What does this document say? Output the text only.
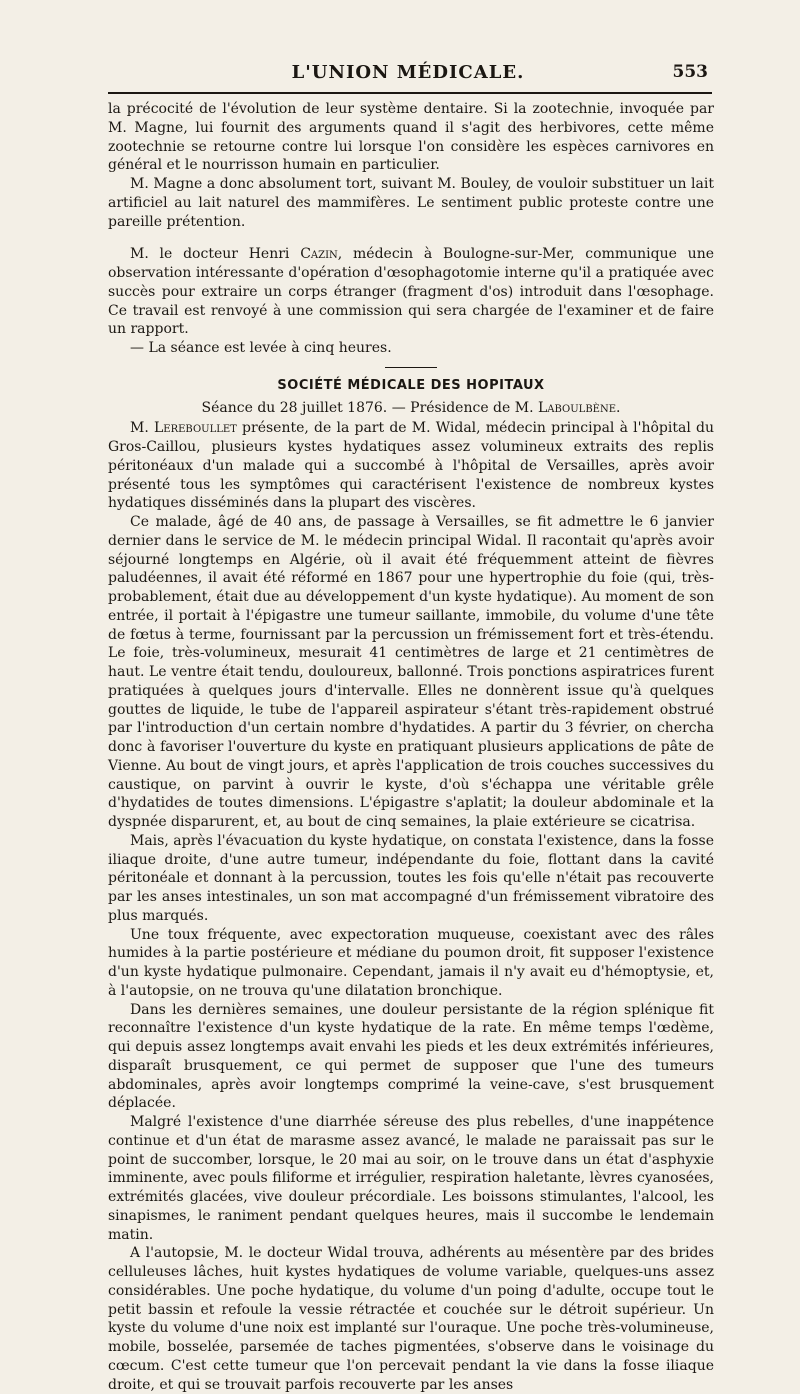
L'UNION MÉDICALE.	553

la précocité de l'évolution de leur système dentaire. Si la zootechnie, invoquée par M. Magne, lui fournit des arguments quand il s'agit des herbivores, cette même zootechnie se retourne contre lui lorsque l'on considère les espèces carnivores en général et le nourrisson humain en particulier.

M. Magne a donc absolument tort, suivant M. Bouley, de vouloir substituer un lait artificiel au lait naturel des mammifères. Le sentiment public proteste contre une pareille prétention.

M. le docteur Henri Cazin, médecin à Boulogne-sur-Mer, communique une observation intéressante d'opération d'œsophagotomie interne qu'il a pratiquée avec succès pour extraire un corps étranger (fragment d'os) introduit dans l'œsophage. Ce travail est renvoyé à une commission qui sera chargée de l'examiner et de faire un rapport.

— La séance est levée à cinq heures.

SOCIÉTÉ MÉDICALE DES HOPITAUX

Séance du 28 juillet 1876. — Présidence de M. Laboulbène.

M. Lereboullet présente, de la part de M. Widal, médecin principal à l'hôpital du Gros-Caillou, plusieurs kystes hydatiques assez volumineux extraits des replis péritonéaux d'un malade qui a succombé à l'hôpital de Versailles, après avoir présenté tous les symptômes qui caractérisent l'existence de nombreux kystes hydatiques disséminés dans la plupart des viscères.

Ce malade, âgé de 40 ans, de passage à Versailles, se fit admettre le 6 janvier dernier dans le service de M. le médecin principal Widal. Il racontait qu'après avoir séjourné longtemps en Algérie, où il avait été fréquemment atteint de fièvres paludéennes, il avait été réformé en 1867 pour une hypertrophie du foie (qui, très-probablement, était due au développement d'un kyste hydatique). Au moment de son entrée, il portait à l'épigastre une tumeur saillante, immobile, du volume d'une tête de fœtus à terme, fournissant par la percussion un frémissement fort et très-étendu. Le foie, très-volumineux, mesurait 41 centimètres de large et 21 centimètres de haut. Le ventre était tendu, douloureux, ballonné. Trois ponctions aspiratrices furent pratiquées à quelques jours d'intervalle. Elles ne donnèrent issue qu'à quelques gouttes de liquide, le tube de l'appareil aspirateur s'étant très-rapidement obstrué par l'introduction d'un certain nombre d'hydatides. A partir du 3 février, on chercha donc à favoriser l'ouverture du kyste en pratiquant plusieurs applications de pâte de Vienne. Au bout de vingt jours, et après l'application de trois couches successives du caustique, on parvint à ouvrir le kyste, d'où s'échappa une véritable grêle d'hydatides de toutes dimensions. L'épigastre s'aplatit; la douleur abdominale et la dyspnée disparurent, et, au bout de cinq semaines, la plaie extérieure se cicatrisa.

Mais, après l'évacuation du kyste hydatique, on constata l'existence, dans la fosse iliaque droite, d'une autre tumeur, indépendante du foie, flottant dans la cavité péritonéale et donnant à la percussion, toutes les fois qu'elle n'était pas recouverte par les anses intestinales, un son mat accompagné d'un frémissement vibratoire des plus marqués.

Une toux fréquente, avec expectoration muqueuse, coexistant avec des râles humides à la partie postérieure et médiane du poumon droit, fit supposer l'existence d'un kyste hydatique pulmonaire. Cependant, jamais il n'y avait eu d'hémoptysie, et, à l'autopsie, on ne trouva qu'une dilatation bronchique.

Dans les dernières semaines, une douleur persistante de la région splénique fit reconnaître l'existence d'un kyste hydatique de la rate. En même temps l'œdème, qui depuis assez longtemps avait envahi les pieds et les deux extrémités inférieures, disparaît brusquement, ce qui permet de supposer que l'une des tumeurs abdominales, après avoir longtemps comprimé la veine-cave, s'est brusquement déplacée.

Malgré l'existence d'une diarrhée séreuse des plus rebelles, d'une inappétence continue et d'un état de marasme assez avancé, le malade ne paraissait pas sur le point de succomber, lorsque, le 20 mai au soir, on le trouve dans un état d'asphyxie imminente, avec pouls filiforme et irrégulier, respiration haletante, lèvres cyanosées, extrémités glacées, vive douleur précordiale. Les boissons stimulantes, l'alcool, les sinapismes, le raniment pendant quelques heures, mais il succombe le lendemain matin.

A l'autopsie, M. le docteur Widal trouva, adhérents au mésentère par des brides celluleuses lâches, huit kystes hydatiques de volume variable, quelques-uns assez considérables. Une poche hydatique, du volume d'un poing d'adulte, occupe tout le petit bassin et refoule la vessie rétractée et couchée sur le détroit supérieur. Un kyste du volume d'une noix est implanté sur l'ouraque. Une poche très-volumineuse, mobile, bosselée, parsemée de taches pigmentées, s'observe dans le voisinage du cœcum. C'est cette tumeur que l'on percevait pendant la vie dans la fosse iliaque droite, et qui se trouvait parfois recouverte par les anses
